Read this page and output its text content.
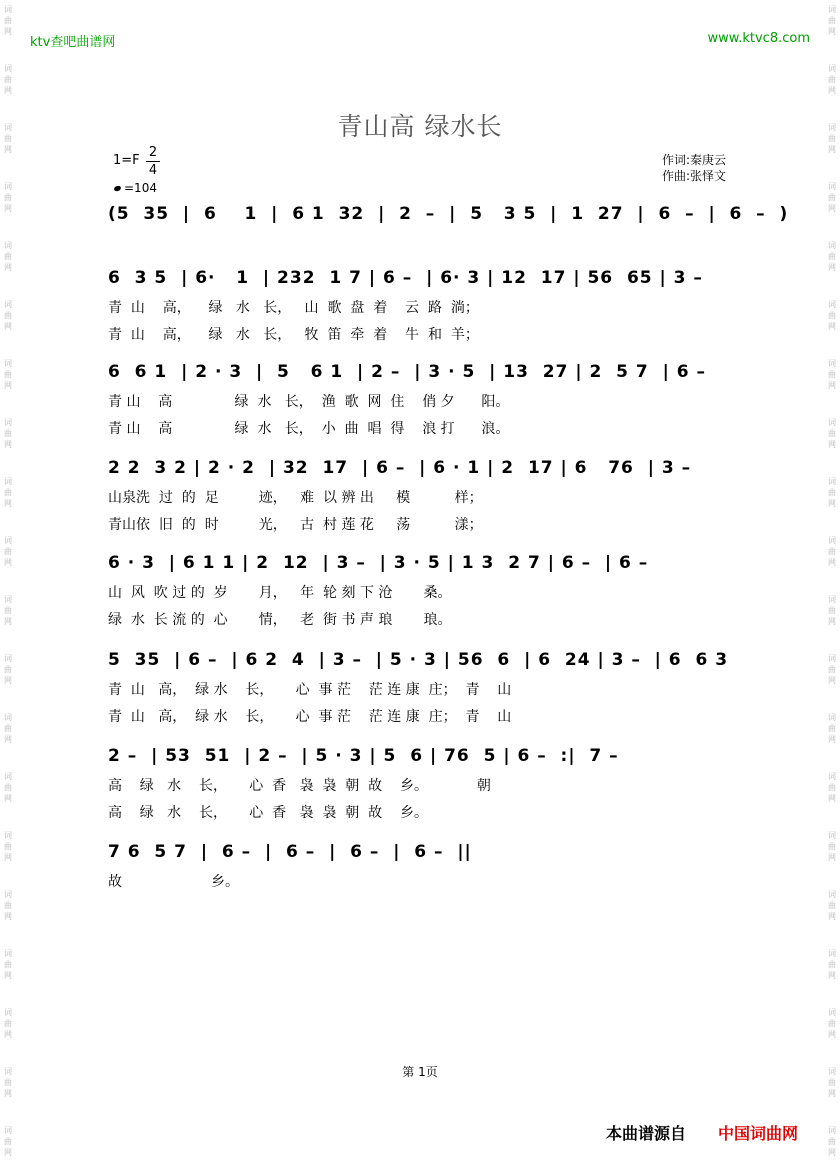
词
曲
网
词
曲
网
词
曲
网
词
曲
网
词
曲
网
词
曲
网
词
曲
网
词
曲
网
词
曲
网
词
曲
网
词
曲
网
词
曲
网
词
曲
网
词
曲
网
词
曲
网
词
曲
网
词
曲
网
词
曲
网
词
曲
网
词
曲
网
词
曲
网
词
曲
网
词
曲
网
词
曲
网
词
曲
网
词
曲
网
词
曲
网
词
曲
网
词
曲
网
词
曲
网
词
曲
网
词
曲
网
词
曲
网
词
曲
网
词
曲
网
词
曲
网
词
曲
网
词
曲
网
词
曲
网
词
曲
网
ktv查吧曲谱网	www.ktvc8.com
青山高 绿水长
1=F
2
4
=104
作词:秦庚云
作曲:张怿文
(5  35  |  6    1  |  6 1  32  |  2  –  |  5   3 5  |  1  27  |  6  –  |  6  –  )
6  3 5  | 6·   1  | 232  1 7 | 6 –  | 6· 3 | 12  17 | 56  65 | 3 –
青  山    高，    绿   水   长，   山  歌  盘  着    云  路  淌；
青  山    高，    绿   水   长，   牧  笛  牵  着    牛  和  羊；
6  6 1  | 2 · 3  |  5   6 1  | 2 –  | 3 · 5  | 13  27 | 2  5 7  | 6 –
青 山    高              绿  水   长，  渔  歌  网  住    俏 夕      阳。
青 山    高              绿  水   长，  小  曲  唱  得    浪 打      浪。
2 2  3 2 | 2 · 2  | 32  17  | 6 –  | 6 · 1 | 2  17 | 6   76  | 3 –
山泉洗  过  的  足         迹，   难  以 辨 出     模          样；
青山依  旧  的  时         光，   古  村 莲 花     荡          漾；
6 · 3  | 6 1 1 | 2  12  | 3 –  | 3 · 5 | 1 3  2 7 | 6 –  | 6 –
山  风  吹 过 的  岁       月，   年  轮 刻 下 沧       桑。
绿  水  长 流 的  心       情，   老  街 书 声 琅       琅。
5  35  | 6 –  | 6 2  4  | 3 –  | 5 · 3 | 56  6  | 6  24 | 3 –  | 6  6 3
青  山   高，  绿 水    长，     心  事 茫    茫 连 康  庄；  青    山
青  山   高，  绿 水    长，     心  事 茫    茫 连 康  庄；  青    山
2 –  | 53  51  | 2 –  | 5 · 3 | 5  6 | 76  5 | 6 –  :|  7 –
高    绿   水    长，     心  香   袅  袅  朝  故    乡。           朝
高    绿   水    长，     心  香   袅  袅  朝  故    乡。
7 6  5 7  |  6 –  |  6 –  |  6 –  |  6 –  ||
故                    乡。
第 1页
本曲谱源自 中国词曲网
